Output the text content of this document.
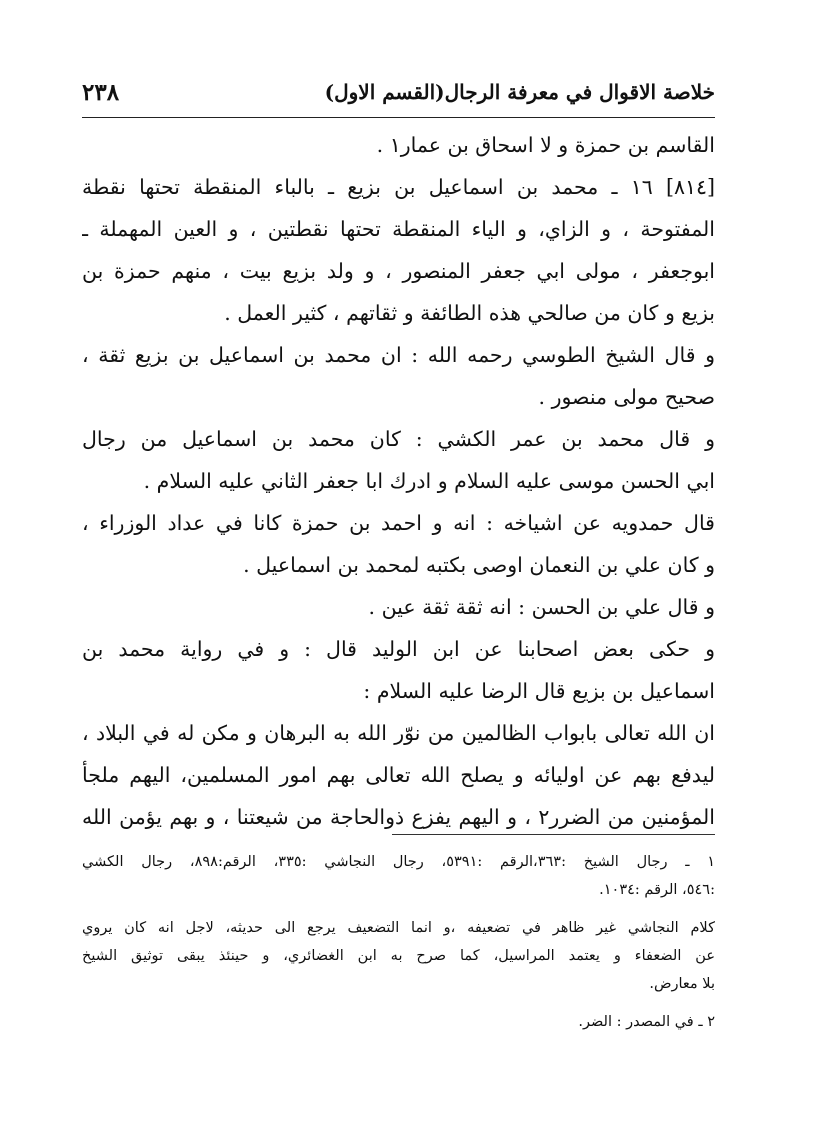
خلاصة الاقوال في معرفة الرجال(القسم الاول)
٢٣٨
القاسم بن حمزة و لا اسحاق بن عمار١ .
[٨١٤] ١٦ ـ محمد بن اسماعيل بن بزيع ـ بالباء المنقطة تحتها نقطة
المفتوحة ، و الزاي، و الياء المنقطة تحتها نقطتين ، و العين المهملة ـ
ابوجعفر ، مولى ابي جعفر المنصور ، و ولد بزيع بيت ، منهم حمزة بن
بزيع و كان من صالحي هذه الطائفة و ثقاتهم ، كثير العمل .
و قال الشيخ الطوسي رحمه الله : ان محمد بن اسماعيل بن بزيع ثقة ،
صحيح مولى منصور .
و قال محمد بن عمر الكشي : كان محمد بن اسماعيل من رجال
ابي الحسن موسى عليه السلام و ادرك ابا جعفر الثاني عليه السلام .
قال حمدويه عن اشياخه : انه و احمد بن حمزة كانا في عداد الوزراء ،
و كان علي بن النعمان اوصى بكتبه لمحمد بن اسماعيل .
و قال علي بن الحسن : انه ثقة ثقة عين .
و حكى بعض اصحابنا عن ابن الوليد قال : و في رواية محمد بن
اسماعيل بن بزيع قال الرضا عليه السلام :
ان الله تعالى بابواب الظالمين من نوّر الله به البرهان و مكن له في البلاد ،
ليدفع بهم عن اوليائه و يصلح الله تعالى بهم امور المسلمين، اليهم ملجأ
المؤمنين من الضرر٢ ، و اليهم يفزع ذوالحاجة من شيعتنا ، و بهم يؤمن الله
١ ـ رجال الشيخ :٣٦٣،الرقم :٥٣٩١، رجال النجاشي :٣٣٥، الرقم:٨٩٨، رجال الكشي
:٥٤٦، الرقم :١٠٣٤.
كلام النجاشي غير ظاهر في تضعيفه ،و انما التضعيف يرجع الى حديثه، لاجل انه كان يروي
عن الضعفاء و يعتمد المراسيل، كما صرح به ابن الغضائري، و حينئذ يبقى توثيق الشيخ
بلا معارض.
٢ ـ في المصدر : الضر.
